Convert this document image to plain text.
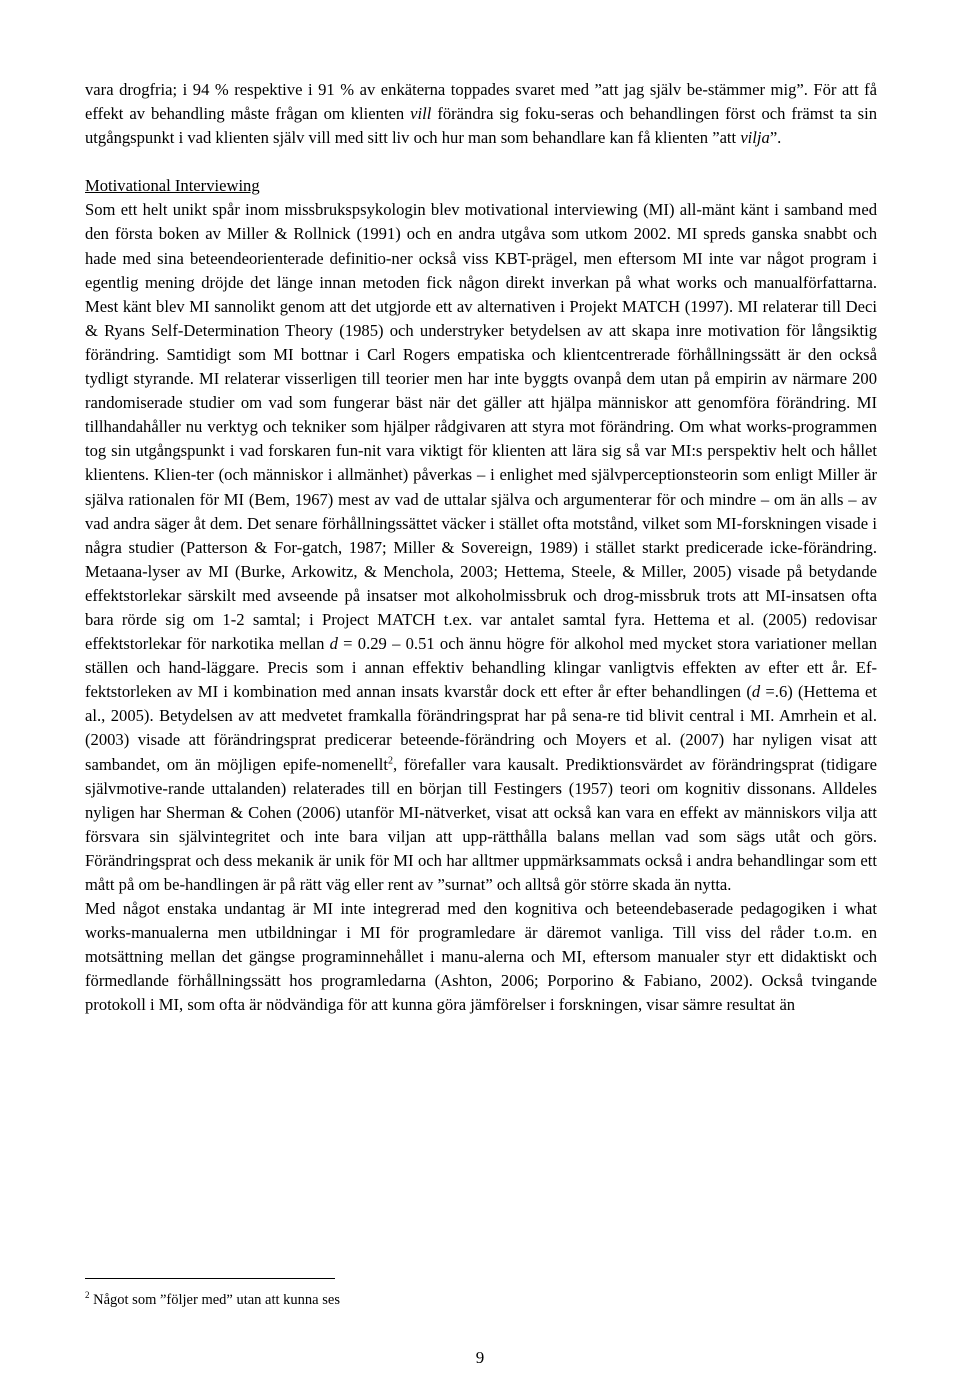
vara drogfria; i 94 % respektive i 91 % av enkäterna toppades svaret med ”att jag själv be-stämmer mig”. För att få effekt av behandling måste frågan om klienten vill förändra sig foku-seras och behandlingen först och främst ta sin utgångspunkt i vad klienten själv vill med sitt liv och hur man som behandlare kan få klienten ”att vilja”.

Motivational Interviewing

Som ett helt unikt spår inom missbrukspsykologin blev motivational interviewing (MI) all-mänt känt i samband med den första boken av Miller & Rollnick (1991) och en andra utgåva som utkom 2002. MI spreds ganska snabbt och hade med sina beteendeorienterade definitio-ner också viss KBT-prägel, men eftersom MI inte var något program i egentlig mening dröjde det länge innan metoden fick någon direkt inverkan på what works och manualförfattarna. Mest känt blev MI sannolikt genom att det utgjorde ett av alternativen i Projekt MATCH (1997). MI relaterar till Deci & Ryans Self-Determination Theory (1985) och understryker betydelsen av att skapa inre motivation för långsiktig förändring. Samtidigt som MI bottnar i Carl Rogers empatiska och klientcentrerade förhållningssätt är den också tydligt styrande. MI relaterar visserligen till teorier men har inte byggts ovanpå dem utan på empirin av närmare 200 randomiserade studier om vad som fungerar bäst när det gäller att hjälpa människor att genomföra förändring. MI tillhandahåller nu verktyg och tekniker som hjälper rådgivaren att styra mot förändring. Om what works-programmen tog sin utgångspunkt i vad forskaren fun-nit vara viktigt för klienten att lära sig så var MI:s perspektiv helt och hållet klientens. Klien-ter (och människor i allmänhet) påverkas – i enlighet med självperceptionsteorin som enligt Miller är själva rationalen för MI (Bem, 1967) mest av vad de uttalar själva och argumenterar för och mindre – om än alls – av vad andra säger åt dem. Det senare förhållningssättet väcker i stället ofta motstånd, vilket som MI-forskningen visade i några studier (Patterson & For-gatch, 1987; Miller & Sovereign, 1989) i stället starkt predicerade icke-förändring. Metaana-lyser av MI (Burke, Arkowitz, & Menchola, 2003; Hettema, Steele, & Miller, 2005) visade på betydande effektstorlekar särskilt med avseende på insatser mot alkoholmissbruk och drog-missbruk trots att MI-insatsen ofta bara rörde sig om 1-2 samtal; i Project MATCH t.ex. var antalet samtal fyra. Hettema et al. (2005) redovisar effektstorlekar för narkotika mellan d = 0.29 – 0.51 och ännu högre för alkohol med mycket stora variationer mellan ställen och hand-läggare. Precis som i annan effektiv behandling klingar vanligtvis effekten av efter ett år. Ef-fektstorleken av MI i kombination med annan insats kvarstår dock ett efter år efter behandlingen (d =.6) (Hettema et al., 2005). Betydelsen av att medvetet framkalla förändringsprat har på sena-re tid blivit central i MI. Amrhein et al. (2003) visade att förändringsprat predicerar beteende-förändring och Moyers et al. (2007) har nyligen visat att sambandet, om än möjligen epife-nomenellt$^2$, förefaller vara kausalt. Prediktionsvärdet av förändringsprat (tidigare självmotive-rande uttalanden) relaterades till en början till Festingers (1957) teori om kognitiv dissonans. Alldeles nyligen har Sherman & Cohen (2006) utanför MI-nätverket, visat att också kan vara en effekt av människors vilja att försvara sin självintegritet och inte bara viljan att upp-rätthålla balans mellan vad som sägs utåt och görs. Förändringsprat och dess mekanik är unik för MI och har alltmer uppmärksammats också i andra behandlingar som ett mått på om be-handlingen är på rätt väg eller rent av ”surnat” och alltså gör större skada än nytta.

Med något enstaka undantag är MI inte integrerad med den kognitiva och beteendebaserade pedagogiken i what works-manualerna men utbildningar i MI för programledare är däremot vanliga. Till viss del råder t.o.m. en motsättning mellan det gängse programinnehållet i manu-alerna och MI, eftersom manualer styr ett didaktiskt och förmedlande förhållningssätt hos programledarna (Ashton, 2006; Porporino & Fabiano, 2002). Också tvingande protokoll i MI, som ofta är nödvändiga för att kunna göra jämförelser i forskningen, visar sämre resultat än

$^2$ Något som ”följer med” utan att kunna ses
9
